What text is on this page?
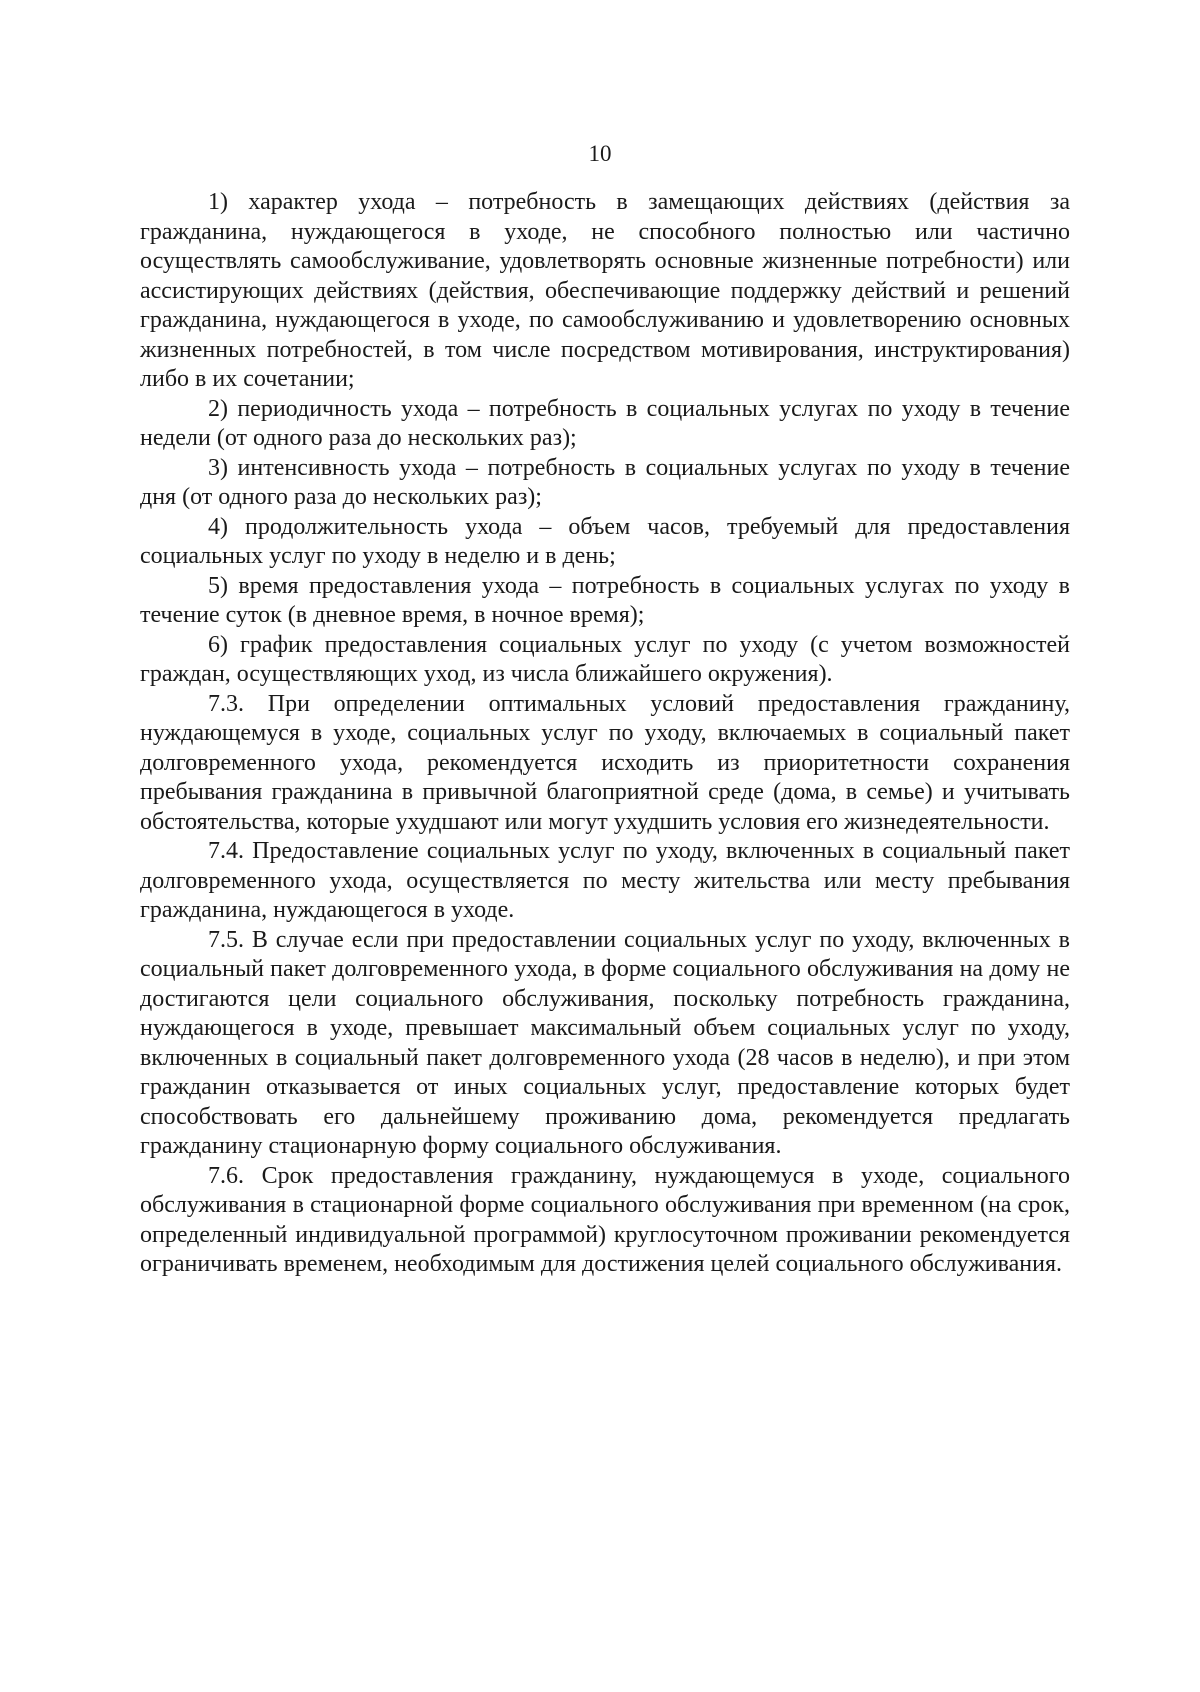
10

1) характер ухода – потребность в замещающих действиях (действия за гражданина, нуждающегося в уходе, не способного полностью или частично осуществлять самообслуживание, удовлетворять основные жизненные потребности) или ассистирующих действиях (действия, обеспечивающие поддержку действий и решений гражданина, нуждающегося в уходе, по самообслуживанию и удовлетворению основных жизненных потребностей, в том числе посредством мотивирования, инструктирования) либо в их сочетании;

2) периодичность ухода – потребность в социальных услугах по уходу в течение недели (от одного раза до нескольких раз);

3) интенсивность ухода – потребность в социальных услугах по уходу в течение дня (от одного раза до нескольких раз);

4) продолжительность ухода – объем часов, требуемый для предоставления социальных услуг по уходу в неделю и в день;

5) время предоставления ухода – потребность в социальных услугах по уходу в течение суток (в дневное время, в ночное время);

6) график предоставления социальных услуг по уходу (с учетом возможностей граждан, осуществляющих уход, из числа ближайшего окружения).

7.3. При определении оптимальных условий предоставления гражданину, нуждающемуся в уходе, социальных услуг по уходу, включаемых в социальный пакет долговременного ухода, рекомендуется исходить из приоритетности сохранения пребывания гражданина в привычной благоприятной среде (дома, в семье) и учитывать обстоятельства, которые ухудшают или могут ухудшить условия его жизнедеятельности.

7.4. Предоставление социальных услуг по уходу, включенных в социальный пакет долговременного ухода, осуществляется по месту жительства или месту пребывания гражданина, нуждающегося в уходе.

7.5. В случае если при предоставлении социальных услуг по уходу, включенных в социальный пакет долговременного ухода, в форме социального обслуживания на дому не достигаются цели социального обслуживания, поскольку потребность гражданина, нуждающегося в уходе, превышает максимальный объем социальных услуг по уходу, включенных в социальный пакет долговременного ухода (28 часов в неделю), и при этом гражданин отказывается от иных социальных услуг, предоставление которых будет способствовать его дальнейшему проживанию дома, рекомендуется предлагать гражданину стационарную форму социального обслуживания.

7.6. Срок предоставления гражданину, нуждающемуся в уходе, социального обслуживания в стационарной форме социального обслуживания при временном (на срок, определенный индивидуальной программой) круглосуточном проживании рекомендуется ограничивать временем, необходимым для достижения целей социального обслуживания.
